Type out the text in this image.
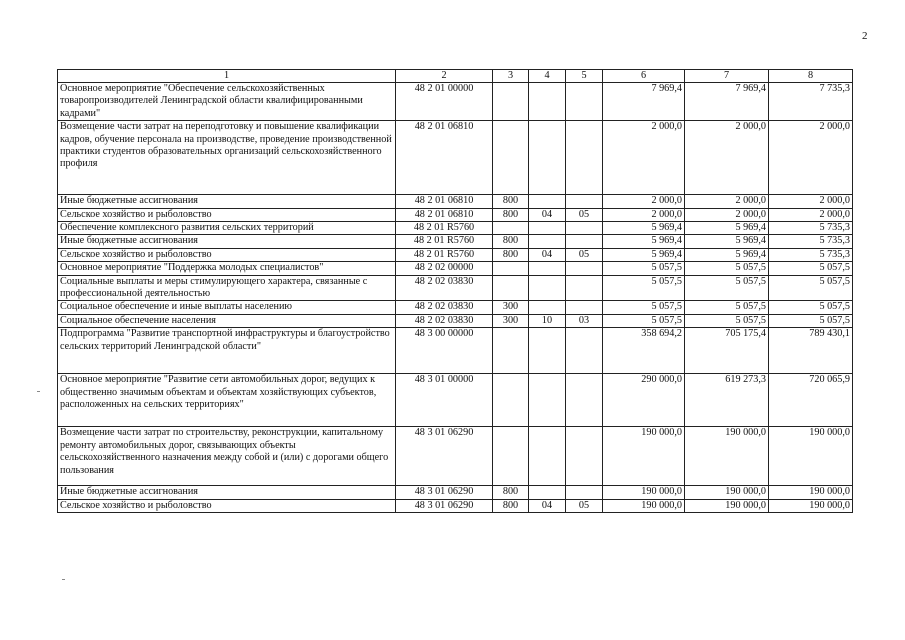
2
1	2	3	4	5	6	7	8
Основное мероприятие "Обеспечение сельскохозяйственных товаропроизводителей Ленинградской области квалифицированными кадрами"	48 2 01 00000				7 969,4	7 969,4	7 735,3
Возмещение части затрат на переподготовку и повышение квалификации кадров, обучение персонала на производстве, проведение производственной практики студентов образовательных организаций сельскохозяйственного профиля	48 2 01 06810				2 000,0	2 000,0	2 000,0
Иные бюджетные ассигнования	48 2 01 06810	800			2 000,0	2 000,0	2 000,0
Сельское хозяйство и рыболовство	48 2 01 06810	800	04	05	2 000,0	2 000,0	2 000,0
Обеспечение комплексного развития сельских территорий	48 2 01 R5760				5 969,4	5 969,4	5 735,3
Иные бюджетные ассигнования	48 2 01 R5760	800			5 969,4	5 969,4	5 735,3
Сельское хозяйство и рыболовство	48 2 01 R5760	800	04	05	5 969,4	5 969,4	5 735,3
Основное мероприятие "Поддержка молодых специалистов"	48 2 02 00000				5 057,5	5 057,5	5 057,5
Социальные выплаты и меры стимулирующего характера, связанные с профессиональной деятельностью	48 2 02 03830				5 057,5	5 057,5	5 057,5
Социальное обеспечение и иные выплаты населению	48 2 02 03830	300			5 057,5	5 057,5	5 057,5
Социальное обеспечение населения	48 2 02 03830	300	10	03	5 057,5	5 057,5	5 057,5
Подпрограмма "Развитие транспортной инфраструктуры и благоустройство сельских территорий Ленинградской области"	48 3 00 00000				358 694,2	705 175,4	789 430,1
Основное мероприятие "Развитие сети автомобильных дорог, ведущих к общественно значимым объектам и объектам хозяйствующих субъектов, расположенных на сельских территориях"	48 3 01 00000				290 000,0	619 273,3	720 065,9
Возмещение части затрат по строительству, реконструкции, капитальному ремонту автомобильных дорог, связывающих объекты сельскохозяйственного назначения между собой и (или) с дорогами общего пользования	48 3 01 06290				190 000,0	190 000,0	190 000,0
Иные бюджетные ассигнования	48 3 01 06290	800			190 000,0	190 000,0	190 000,0
Сельское хозяйство и рыболовство	48 3 01 06290	800	04	05	190 000,0	190 000,0	190 000,0
